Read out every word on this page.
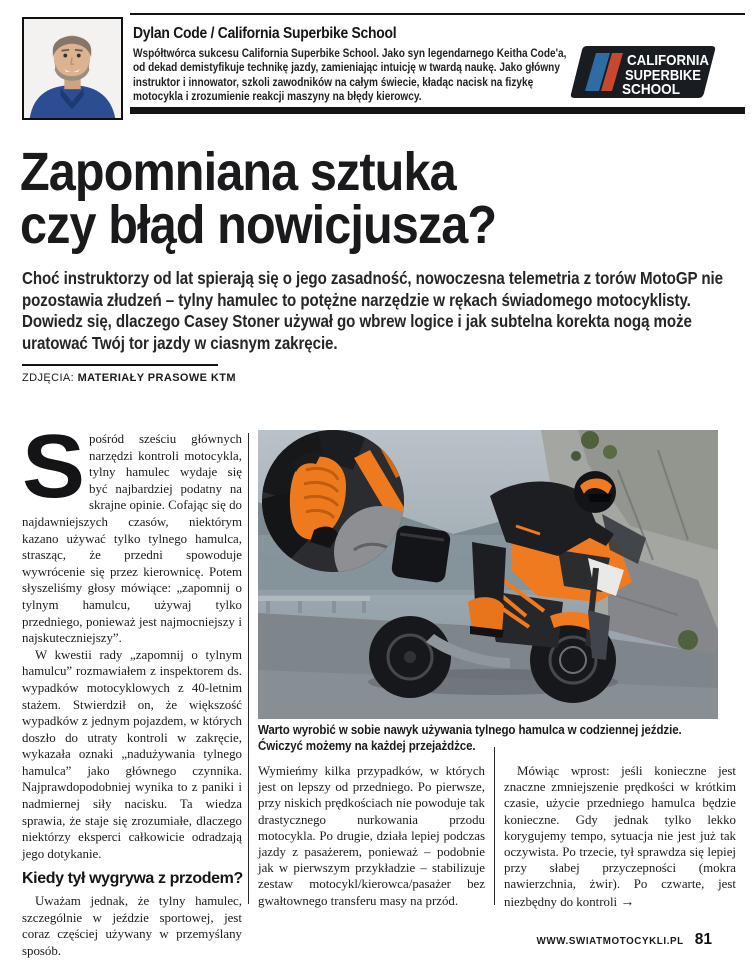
Dylan Code / California Superbike School
Współtwórca sukcesu California Superbike School. Jako syn legendarnego Keitha Code'a, od dekad demistyfikuje technikę jazdy, zamieniając intuicję w twardą naukę. Jako główny instruktor i innowator, szkoli zawodników na całym świecie, kładąc nacisk na fizykę motocykla i zrozumienie reakcji maszyny na błędy kierowcy.
CALIFORNIA
SUPERBIKE
SCHOOL
Zapomniana sztuka
czy błąd nowicjusza?
Choć instruktorzy od lat spierają się o jego zasadność, nowoczesna telemetria z torów MotoGP nie pozostawia złudzeń – tylny hamulec to potężne narzędzie w rękach świadomego motocyklisty. Dowiedz się, dlaczego Casey Stoner używał go wbrew logice i jak subtelna korekta nogą może uratować Twój tor jazdy w ciasnym zakręcie.
ZDJĘCIA: MATERIAŁY PRASOWE KTM
Warto wyrobić w sobie nawyk używania tylnego hamulca w codziennej jeździe.
Ćwiczyć możemy na każdej przejażdżce.

Spośród sześciu głównych narzędzi kontroli motocykla, tylny hamulec wydaje się być najbardziej podatny na skrajne opinie. Cofając się do najdawniejszych czasów, niektórym kazano używać tylko tylnego hamulca, strasząc, że przedni spowoduje wywrócenie się przez kierownicę. Potem słyszeliśmy głosy mówiące: „zapomnij o tylnym hamulcu, używaj tylko przedniego, ponieważ jest najmocniejszy i najskuteczniejszy”.

W kwestii rady „zapomnij o tylnym hamulcu” rozmawiałem z inspektorem ds. wypadków motocyklowych z 40-letnim stażem. Stwierdził on, że większość wypadków z jednym pojazdem, w których doszło do utraty kontroli w zakręcie, wykazała oznaki „nadużywania tylnego hamulca” jako głównego czynnika. Najprawdopodobniej wynika to z paniki i nadmiernej siły nacisku. Ta wiedza sprawia, że staje się zrozumiałe, dlaczego niektórzy eksperci całkowicie odradzają jego dotykanie.

Kiedy tył wygrywa z przodem?

Uważam jednak, że tylny hamulec, szczególnie w jeździe sportowej, jest coraz częściej używany w przemyślany sposób.

Wymieńmy kilka przypadków, w których jest on lepszy od przedniego. Po pierwsze, przy niskich prędkościach nie powoduje tak drastycznego nurkowania przodu motocykla. Po drugie, działa lepiej podczas jazdy z pasażerem, ponieważ – podobnie jak w pierwszym przykładzie – stabilizuje zestaw motocykl/kierowca/pasażer bez gwałtownego transferu masy na przód.

Mówiąc wprost: jeśli konieczne jest znaczne zmniejszenie prędkości w krótkim czasie, użycie przedniego hamulca będzie konieczne. Gdy jednak tylko lekko korygujemy tempo, sytuacja nie jest już tak oczywista. Po trzecie, tył sprawdza się lepiej przy słabej przyczepności (mokra nawierzchnia, żwir). Po czwarte, jest niezbędny do kontroli →

WWW.SWIATMOTOCYKLI.PL 81
